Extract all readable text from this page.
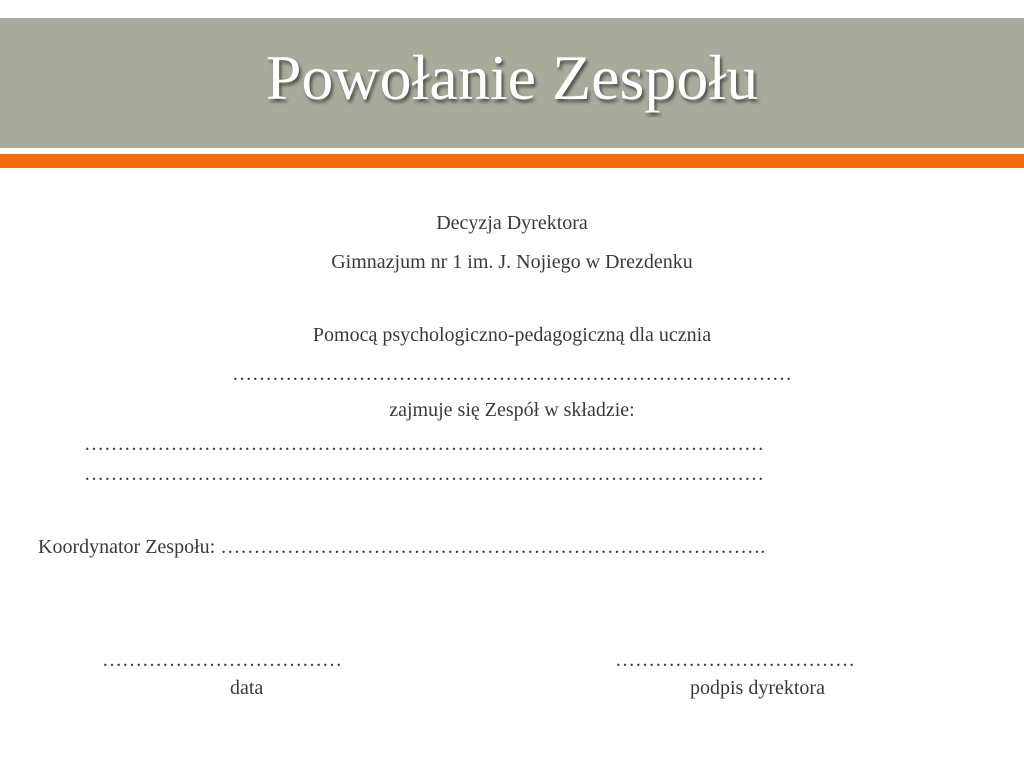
Powołanie Zespołu
Decyzja Dyrektora
Gimnazjum nr 1 im. J. Nojiego w Drezdenku
Pomocą psychologiczno-pedagogiczną dla ucznia
…………………………………………………………………………
zajmuje się Zespół w składzie:
…………………………………………………………………………………………
…………………………………………………………………………………………
Koordynator Zespołu: ……………………………………………………………………….
………………………………
data
………………………………
podpis dyrektora
